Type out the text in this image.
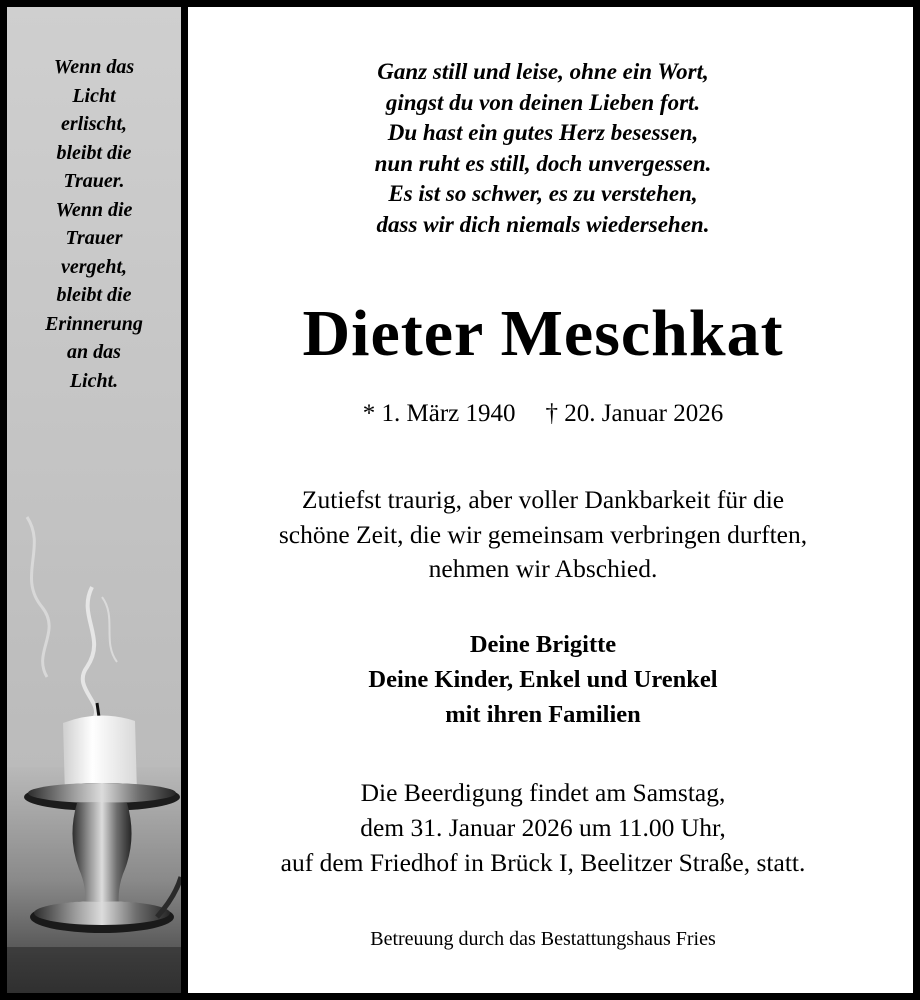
Wenn das
Licht
erlischt,
bleibt die
Trauer.
Wenn die
Trauer
vergeht,
bleibt die
Erinnerung
an das
Licht.
Ganz still und leise, ohne ein Wort,
gingst du von deinen Lieben fort.
Du hast ein gutes Herz besessen,
nun ruht es still, doch unvergessen.
Es ist so schwer, es zu verstehen,
dass wir dich niemals wiedersehen.
Dieter Meschkat
* 1. März 1940 † 20. Januar 2026
Zutiefst traurig, aber voller Dankbarkeit für die
schöne Zeit, die wir gemeinsam verbringen durften,
nehmen wir Abschied.
Deine Brigitte
Deine Kinder, Enkel und Urenkel
mit ihren Familien
Die Beerdigung findet am Samstag,
dem 31. Januar 2026 um 11.00 Uhr,
auf dem Friedhof in Brück I, Beelitzer Straße, statt.
Betreuung durch das Bestattungshaus Fries
